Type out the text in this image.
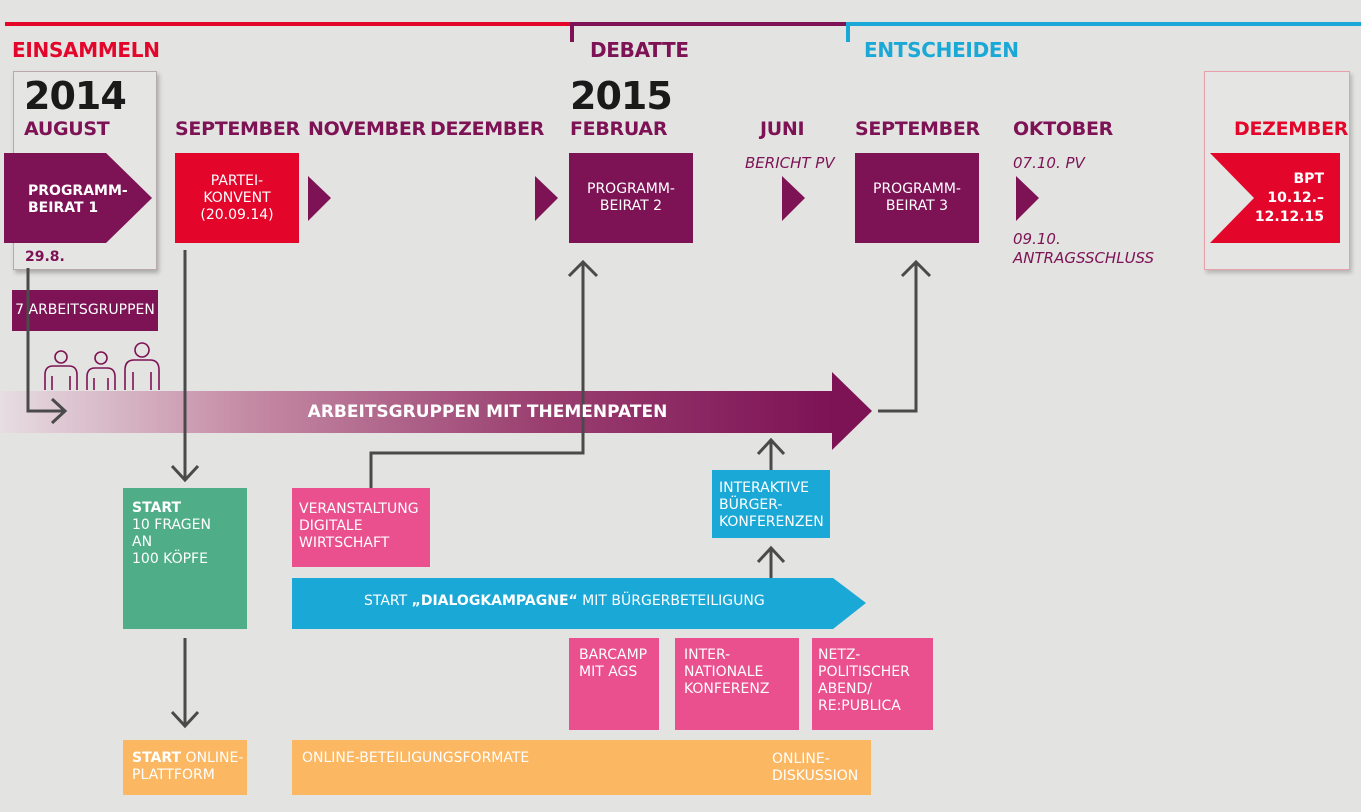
EINSAMMELN	DEBATTE	ENTSCHEIDEN
2014	2015
AUGUST	SEPTEMBER NOVEMBER DEZEMBER FEBRUAR	JUNI	SEPTEMBER OKTOBER	DEZEMBER
PROGRAMM-
BEIRAT 1
29.8.
7 ARBEITSGRUPPEN
PARTEI-
KONVENT
(20.09.14)
PROGRAMM-
BEIRAT 2
BERICHT PV
PROGRAMM-
BEIRAT 3
07.10. PV
09.10.
ANTRAGSSCHLUSS
BPT
10.12.–
12.12.15
ARBEITSGRUPPEN MIT THEMENPATEN
START
10 FRAGEN
AN
100 KÖPFE
VERANSTALTUNG
DIGITALE
WIRTSCHAFT
INTERAKTIVE
BÜRGER-
KONFERENZEN
START „DIALOGKAMPAGNE“ MIT BÜRGERBETEILIGUNG
BARCAMP
MIT AGS
INTER-
NATIONALE
KONFERENZ
NETZ-
POLITISCHER
ABEND/
RE:PUBLICA
START ONLINE-
PLATTFORM
ONLINE-BETEILIGUNGSFORMATE	ONLINE-
DISKUSSION
